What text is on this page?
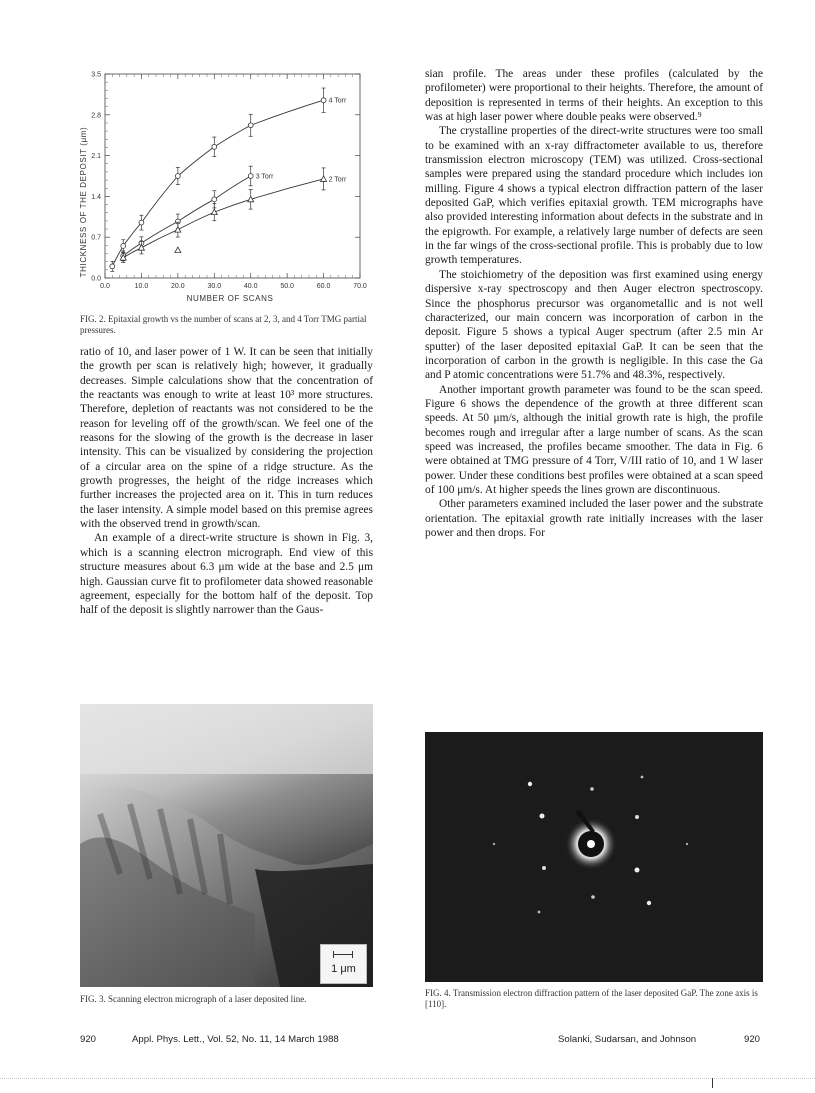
0.0	10.0	20.0	30.0	40.0	50.0	60.0	70.0
0.0
0.7
1.4
2.1
2.8
3.5
4 Torr
3 Torr	2 Torr
NUMBER OF SCANS
THICKNESS OF THE DEPOSIT (μm)
FIG. 2. Epitaxial growth vs the number of scans at 2, 3, and 4 Torr TMG partial pressures.

ratio of 10, and laser power of 1 W. It can be seen that initially the growth per scan is relatively high; however, it gradually decreases. Simple calculations show that the concentration of the reactants was enough to write at least 10³ more structures. Therefore, depletion of reactants was not considered to be the reason for leveling off of the growth/scan. We feel one of the reasons for the slowing of the growth is the decrease in laser intensity. This can be visualized by considering the projection of a circular area on the spine of a ridge structure. As the growth progresses, the height of the ridge increases which further increases the projected area on it. This in turn reduces the laser intensity. A simple model based on this premise agrees with the observed trend in growth/scan.

An example of a direct-write structure is shown in Fig. 3, which is a scanning electron micrograph. End view of this structure measures about 6.3 μm wide at the base and 2.5 μm high. Gaussian curve fit to profilometer data showed reasonable agreement, especially for the bottom half of the deposit. Top half of the deposit is slightly narrower than the Gaus-

sian profile. The areas under these profiles (calculated by the profilometer) were proportional to their heights. Therefore, the amount of deposition is represented in terms of their heights. An exception to this was at high laser power where double peaks were observed.⁹

The crystalline properties of the direct-write structures were too small to be examined with an x-ray diffractometer available to us, therefore transmission electron microscopy (TEM) was utilized. Cross-sectional samples were prepared using the standard procedure which includes ion milling. Figure 4 shows a typical electron diffraction pattern of the laser deposited GaP, which verifies epitaxial growth. TEM micrographs have also provided interesting information about defects in the substrate and in the epigrowth. For example, a relatively large number of defects are seen in the far wings of the cross-sectional profile. This is probably due to low growth temperatures.

The stoichiometry of the deposition was first examined using energy dispersive x-ray spectroscopy and then Auger electron spectroscopy. Since the phosphorus precursor was organometallic and is not well characterized, our main concern was incorporation of carbon in the deposit. Figure 5 shows a typical Auger spectrum (after 2.5 min Ar sputter) of the laser deposited epitaxial GaP. It can be seen that the incorporation of carbon in the growth is negligible. In this case the Ga and P atomic concentrations were 51.7% and 48.3%, respectively.

Another important growth parameter was found to be the scan speed. Figure 6 shows the dependence of the growth at three different scan speeds. At 50 μm/s, although the initial growth rate is high, the profile becomes rough and irregular after a large number of scans. As the scan speed was increased, the profiles became smoother. The data in Fig. 6 were obtained at TMG pressure of 4 Torr, V/III ratio of 10, and 1 W laser power. Under these conditions best profiles were obtained at a scan speed of 100 μm/s. At higher speeds the lines grown are discontinuous.

Other parameters examined included the laser power and the substrate orientation. The epitaxial growth rate initially increases with the laser power and then drops. For

1 μm
FIG. 3. Scanning electron micrograph of a laser deposited line.
FIG. 4. Transmission electron diffraction pattern of the laser deposited GaP. The zone axis is [110].
920	Appl. Phys. Lett., Vol. 52, No. 11, 14 March 1988	Solanki, Sudarsan, and Johnson	920
